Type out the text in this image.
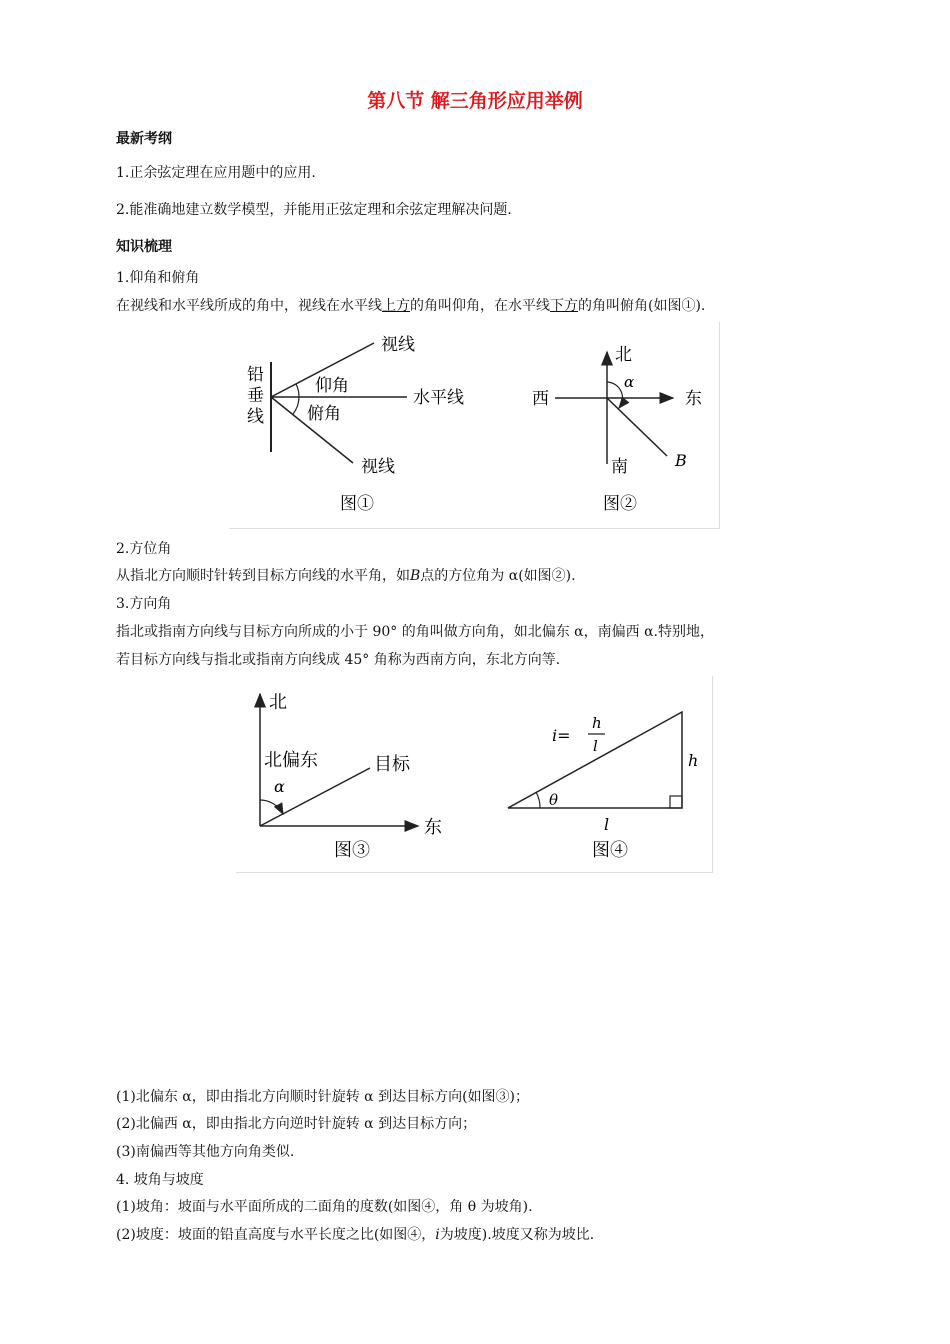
第八节 解三角形应用举例
最新考纲
1.正余弦定理在应用题中的应用.
2.能准确地建立数学模型，并能用正弦定理和余弦定理解决问题.
知识梳理
1.仰角和俯角
在视线和水平线所成的角中，视线在水平线上方的角叫仰角，在水平线下方的角叫俯角(如图①).
铅
垂
线
视线
仰角
水平线
俯角
视线
图①
北
西	东
南
α
B
图②
2.方位角
从指北方向顺时针转到目标方向线的水平角，如B点的方位角为 α(如图②).
3.方向角
指北或指南方向线与目标方向所成的小于 90° 的角叫做方向角，如北偏东 α，南偏西 α.特别地，
若目标方向线与指北或指南方向线成 45° 角称为西南方向，东北方向等.
北
东
北偏东	目标
α
图③
i=
h
l
h
l
θ
图④
(1)北偏东 α，即由指北方向顺时针旋转 α 到达目标方向(如图③)；
(2)北偏西 α，即由指北方向逆时针旋转 α 到达目标方向；
(3)南偏西等其他方向角类似.
4. 坡角与坡度
(1)坡角：坡面与水平面所成的二面角的度数(如图④，角 θ 为坡角).
(2)坡度：坡面的铅直高度与水平长度之比(如图④，i为坡度).坡度又称为坡比.
